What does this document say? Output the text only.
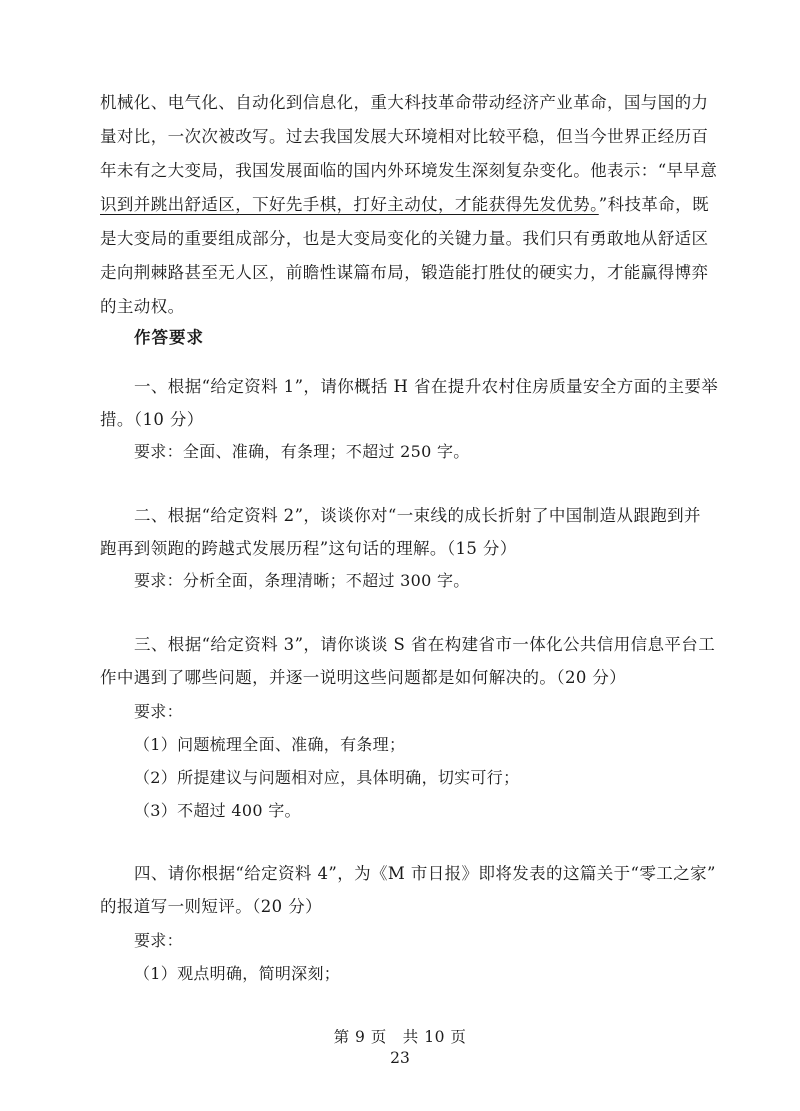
机械化、电气化、自动化到信息化，重大科技革命带动经济产业革命，国与国的力
量对比，一次次被改写。过去我国发展大环境相对比较平稳，但当今世界正经历百
年未有之大变局，我国发展面临的国内外环境发生深刻复杂变化。他表示：“早早意
识到并跳出舒适区，下好先手棋，打好主动仗，才能获得先发优势。”科技革命，既
是大变局的重要组成部分，也是大变局变化的关键力量。我们只有勇敢地从舒适区
走向荆棘路甚至无人区，前瞻性谋篇布局，锻造能打胜仗的硬实力，才能赢得博弈
的主动权。
作答要求
一、根据“给定资料 1”，请你概括 H 省在提升农村住房质量安全方面的主要举
措。（10 分）
要求：全面、准确，有条理；不超过 250 字。
二、根据“给定资料 2”，谈谈你对“一束线的成长折射了中国制造从跟跑到并
跑再到领跑的跨越式发展历程”这句话的理解。（15 分）
要求：分析全面，条理清晰；不超过 300 字。
三、根据“给定资料 3”，请你谈谈 S 省在构建省市一体化公共信用信息平台工
作中遇到了哪些问题，并逐一说明这些问题都是如何解决的。（20 分）
要求：
（1）问题梳理全面、准确，有条理；
（2）所提建议与问题相对应，具体明确，切实可行；
（3）不超过 400 字。
四、请你根据“给定资料 4”，为《M 市日报》即将发表的这篇关于“零工之家”
的报道写一则短评。（20 分）
要求：
（1）观点明确，简明深刻；
第 9 页　共 10 页
23
